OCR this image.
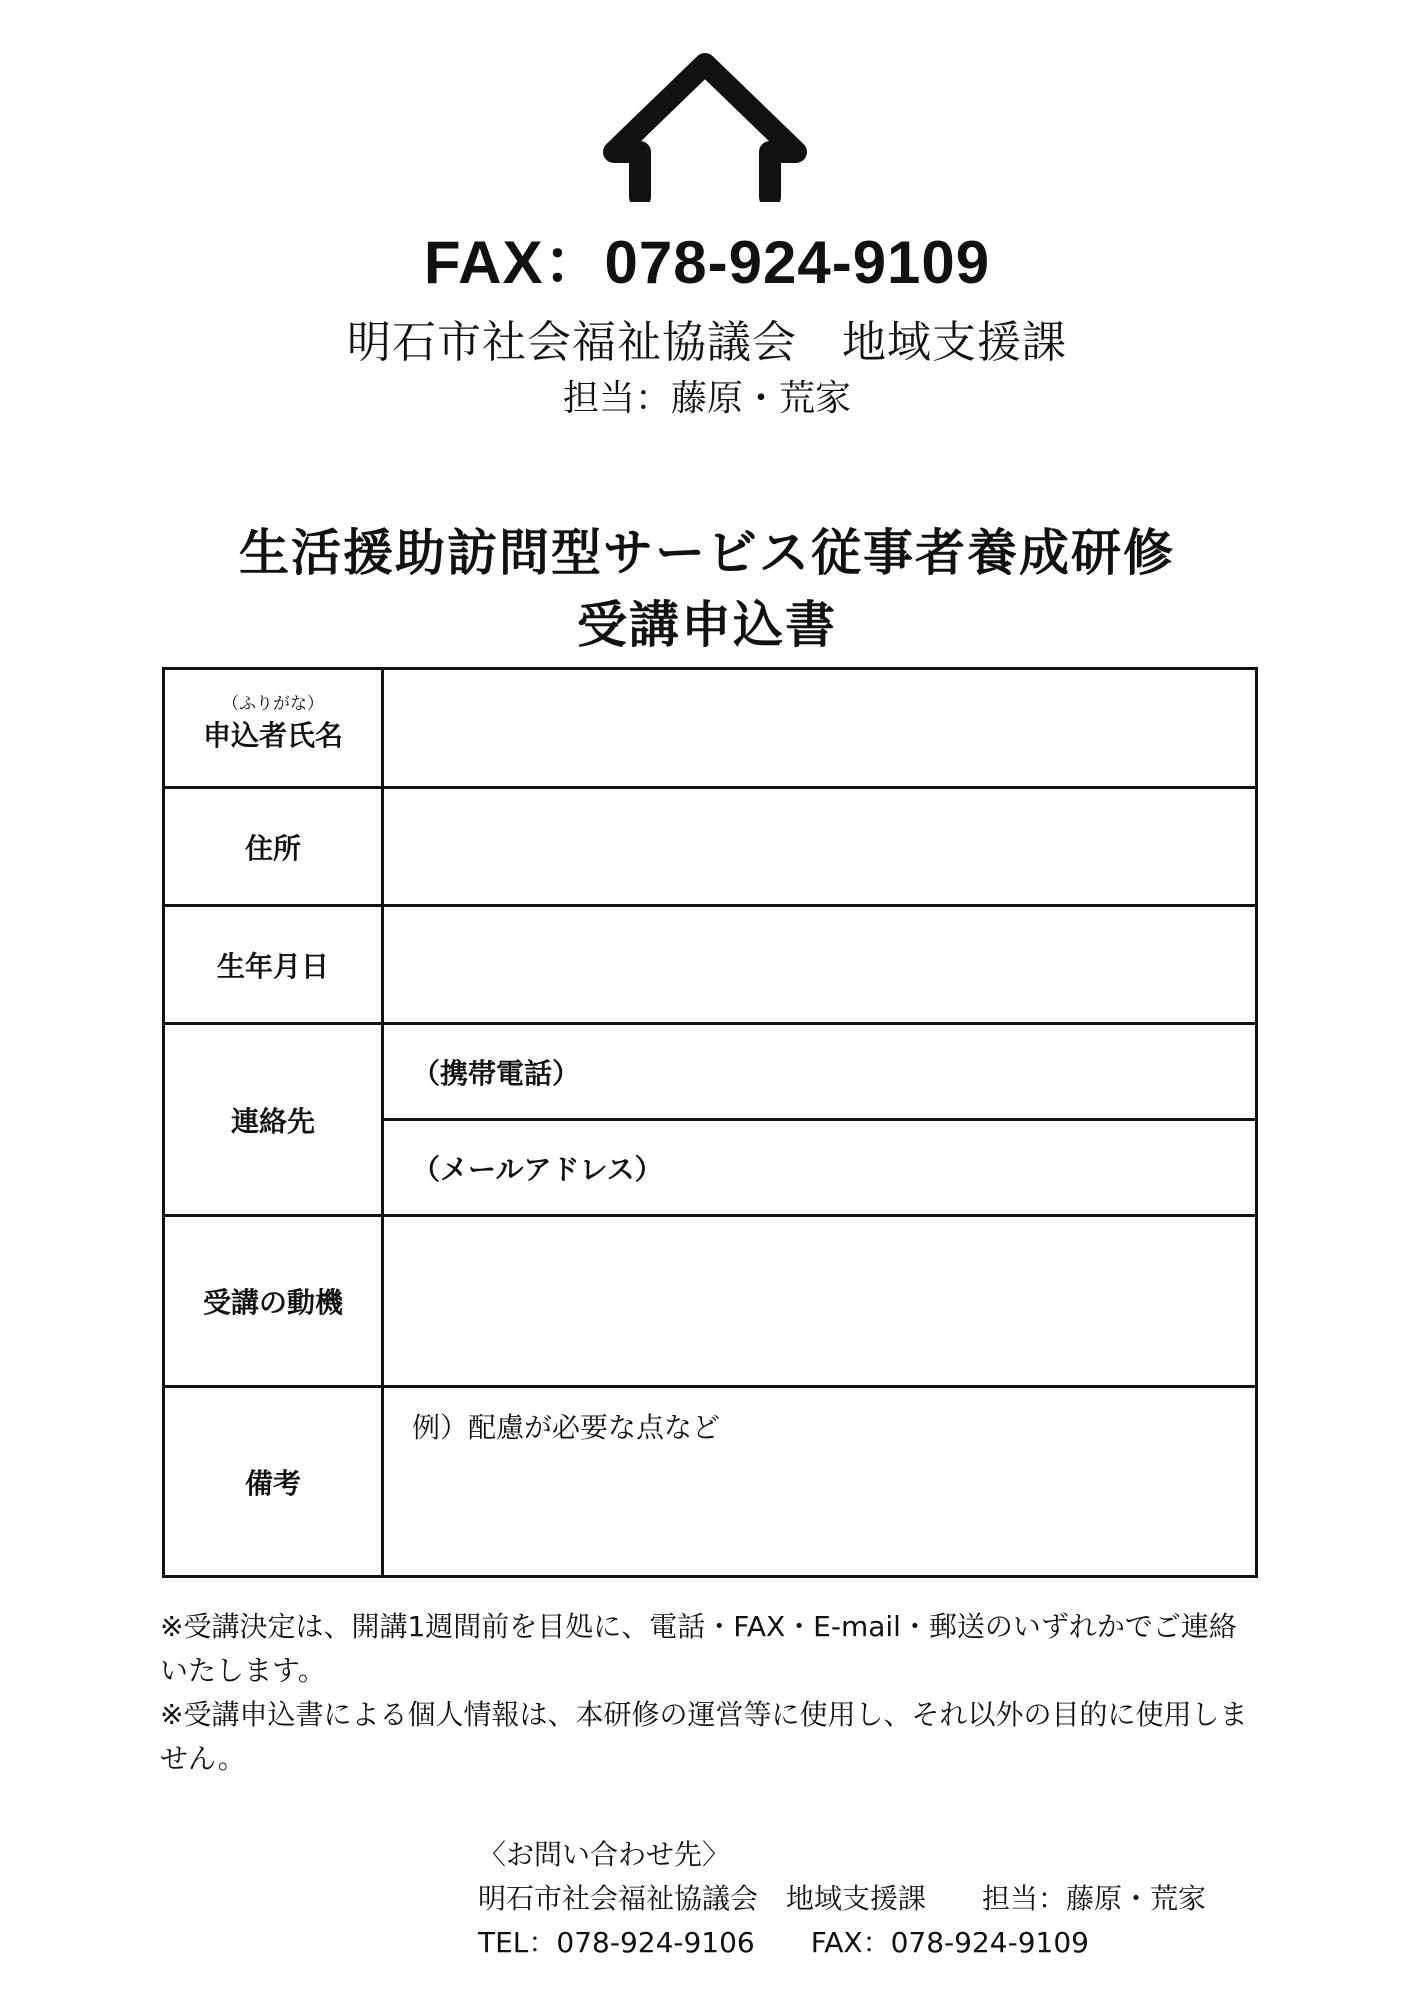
FAX：078-924-9109
明石市社会福祉協議会　地域支援課
担当：藤原・荒家
生活援助訪問型サービス従事者養成研修
受講申込書
（ふりがな）
申込者氏名	
住所	
生年月日	
連絡先	（携帯電話）
	（メールアドレス）
受講の動機	
備考	例）配慮が必要な点など
※受講決定は、開講1週間前を目処に、電話・FAX・E-mail・郵送のいずれかでご連絡いたします。
※受講申込書による個人情報は、本研修の運営等に使用し、それ以外の目的に使用しません。
〈お問い合わせ先〉
明石市社会福祉協議会　地域支援課　　担当：藤原・荒家
TEL：078-924-9106　　FAX：078-924-9109
